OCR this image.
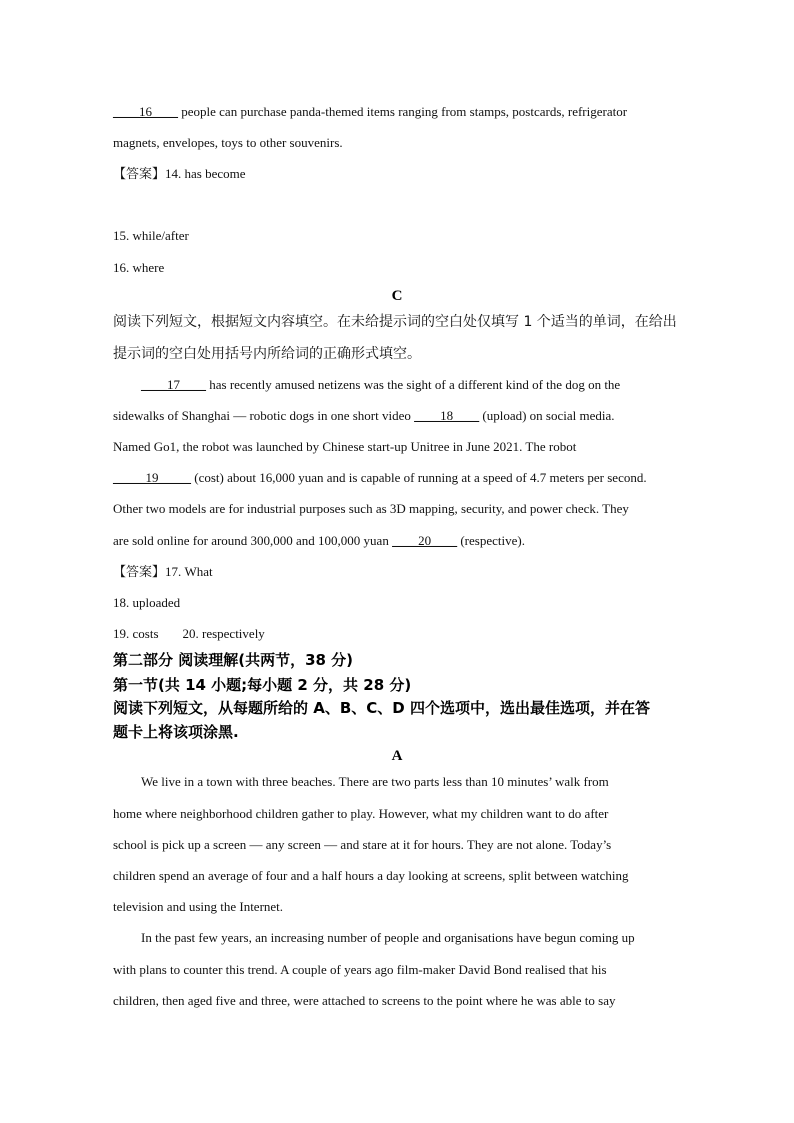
____16____ people can purchase panda-themed items ranging from stamps, postcards, refrigerator
magnets, envelopes, toys to other souvenirs.
【答案】14. has become
15. while/after
16. where
C
阅读下列短文，根据短文内容填空。在未给提示词的空白处仅填写 1 个适当的单词，在给出
提示词的空白处用括号内所给词的正确形式填空。
____17____ has recently amused netizens was the sight of a different kind of the dog on the
sidewalks of Shanghai — robotic dogs in one short video ____18____ (upload) on social media.
Named Go1, the robot was launched by Chinese start-up Unitree in June 2021. The robot
_____19_____ (cost) about 16,000 yuan and is capable of running at a speed of 4.7 meters per second.
Other two models are for industrial purposes such as 3D mapping, security, and power check. They
are sold online for around 300,000 and 100,000 yuan ____20____ (respective).
【答案】17. What
18. uploaded
19. costs 20. respectively
第二部分 阅读理解(共两节，38 分)
第一节(共 14 小题;每小题 2 分，共 28 分)
阅读下列短文，从每题所给的 A、B、C、D 四个选项中，选出最佳选项，并在答
题卡上将该项涂黑.
A
We live in a town with three beaches. There are two parts less than 10 minutes’ walk from
home where neighborhood children gather to play. However, what my children want to do after
school is pick up a screen — any screen — and stare at it for hours. They are not alone. Today’s
children spend an average of four and a half hours a day looking at screens, split between watching
television and using the Internet.
In the past few years, an increasing number of people and organisations have begun coming up
with plans to counter this trend. A couple of years ago film-maker David Bond realised that his
children, then aged five and three, were attached to screens to the point where he was able to say
